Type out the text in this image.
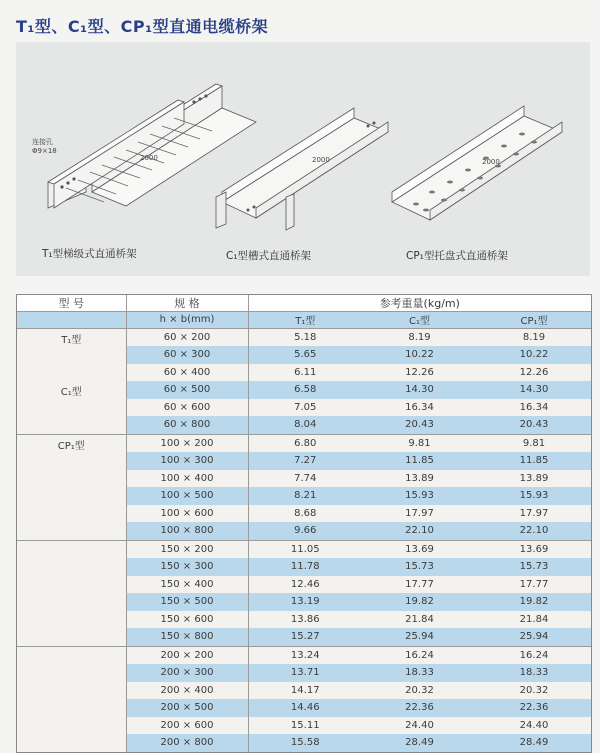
T₁型、C₁型、CP₁型直通电缆桥架
连接孔
Φ9×18
2000	2000	2000
T₁型梯级式直通桥架	C₁型槽式直通桥架	CP₁型托盘式直通桥架
型 号	规 格	参考重量(kg/m)		
	h × b(mm)	T₁型	C₁型	CP₁型
T₁型	60 × 200	5.18	8.19	8.19
	60 × 300	5.65	10.22	10.22
	60 × 400	6.11	12.26	12.26
C₁型	60 × 500	6.58	14.30	14.30
	60 × 600	7.05	16.34	16.34
	60 × 800	8.04	20.43	20.43
CP₁型	100 × 200	6.80	9.81	9.81
	100 × 300	7.27	11.85	11.85
	100 × 400	7.74	13.89	13.89
	100 × 500	8.21	15.93	15.93
	100 × 600	8.68	17.97	17.97
	100 × 800	9.66	22.10	22.10
	150 × 200	11.05	13.69	13.69
	150 × 300	11.78	15.73	15.73
	150 × 400	12.46	17.77	17.77
	150 × 500	13.19	19.82	19.82
	150 × 600	13.86	21.84	21.84
	150 × 800	15.27	25.94	25.94
	200 × 200	13.24	16.24	16.24
	200 × 300	13.71	18.33	18.33
	200 × 400	14.17	20.32	20.32
	200 × 500	14.46	22.36	22.36
	200 × 600	15.11	24.40	24.40
	200 × 800	15.58	28.49	28.49
